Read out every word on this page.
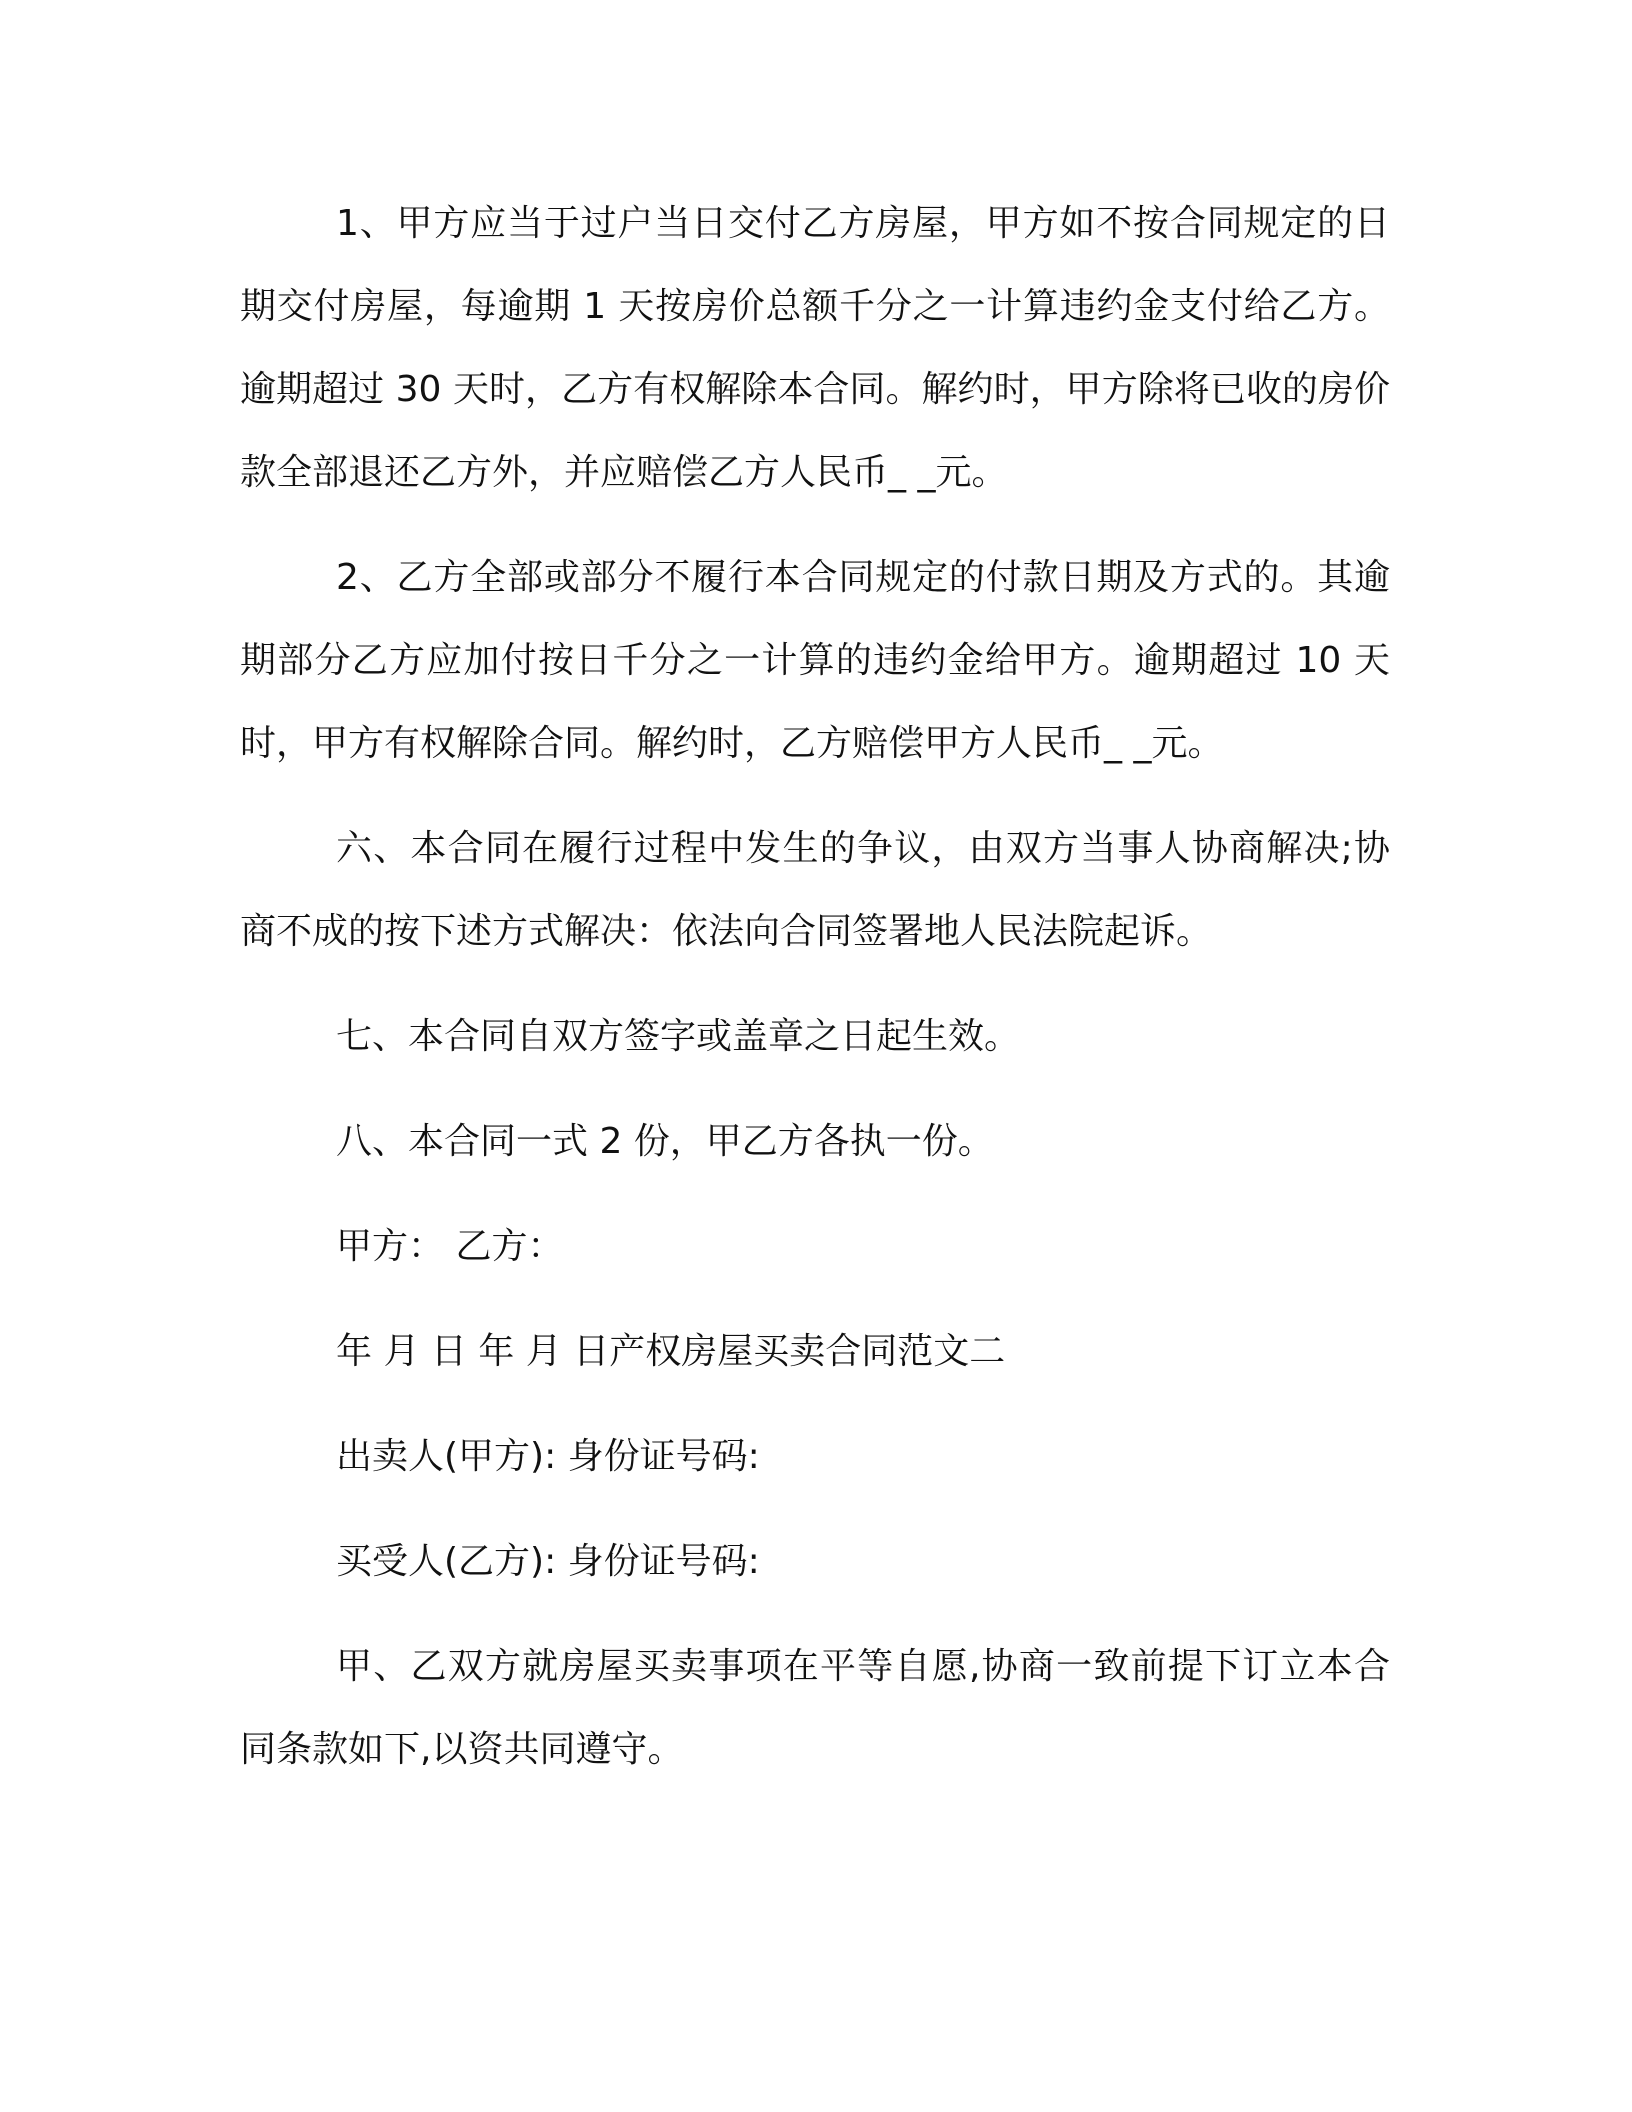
1、甲方应当于过户当日交付乙方房屋，甲方如不按合同规定的日期交付房屋，每逾期 1 天按房价总额千分之一计算违约金支付给乙方。逾期超过 30 天时，乙方有权解除本合同。解约时，甲方除将已收的房价款全部退还乙方外，并应赔偿乙方人民币_ _元。

2、乙方全部或部分不履行本合同规定的付款日期及方式的。其逾期部分乙方应加付按日千分之一计算的违约金给甲方。逾期超过 10 天时，甲方有权解除合同。解约时，乙方赔偿甲方人民币_ _元。

六、本合同在履行过程中发生的争议，由双方当事人协商解决;协商不成的按下述方式解决：依法向合同签署地人民法院起诉。

七、本合同自双方签字或盖章之日起生效。

八、本合同一式 2 份，甲乙方各执一份。

甲方： 乙方：

年 月 日 年 月 日产权房屋买卖合同范文二

出卖人(甲方): 身份证号码:

买受人(乙方): 身份证号码:

甲、乙双方就房屋买卖事项在平等自愿,协商一致前提下订立本合同条款如下,以资共同遵守。
